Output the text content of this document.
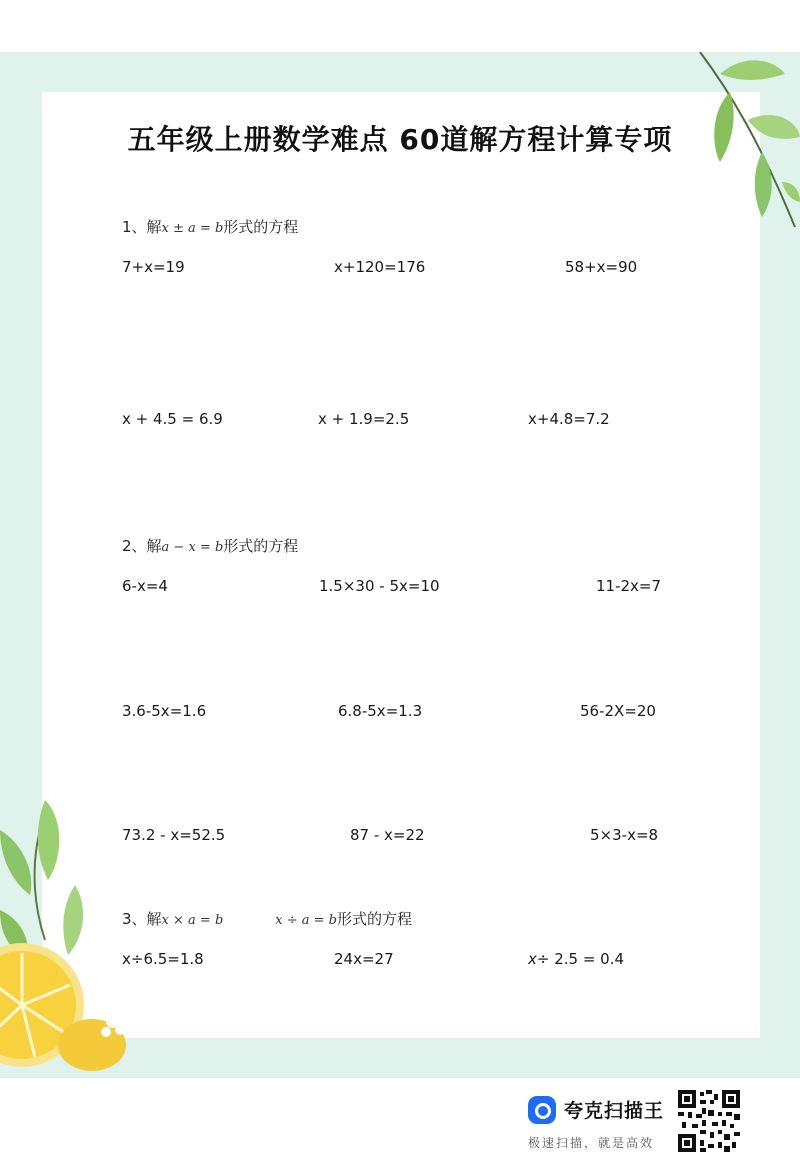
五年级上册数学难点 60道解方程计算专项
1、解x ± a = b形式的方程
7+x=19	x+120=176	58+x=90
x + 4.5 = 6.9	x + 1.9=2.5	x+4.8=7.2
2、解a − x = b形式的方程
6-x=4	1.5×30 - 5x=10	11-2x=7
3.6-5x=1.6	6.8-5x=1.3	56-2X=20
73.2 - x=52.5	87 - x=22	5×3-x=8
3、解x × a = b	x ÷ a = b形式的方程
x÷6.5=1.8	24x=27	x÷ 2.5 = 0.4
夸克扫描王
极速扫描，就是高效
